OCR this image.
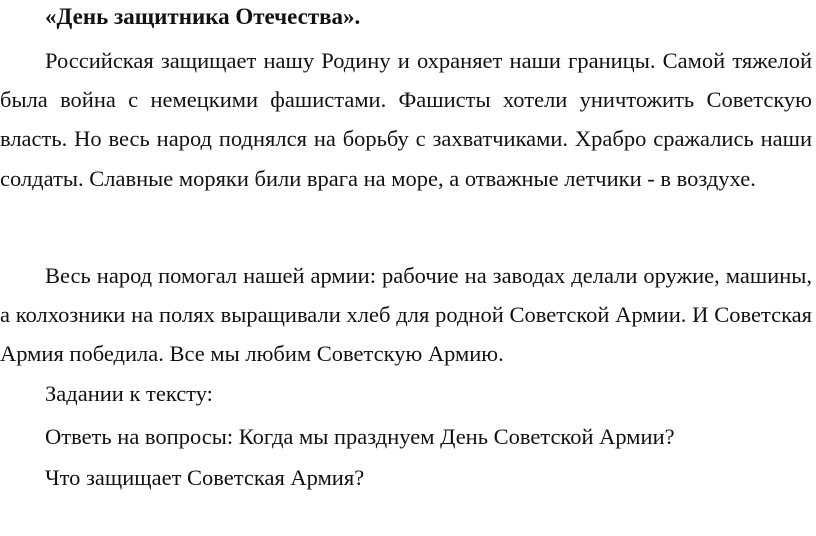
«День защитника Отечества».

Российская защищает нашу Родину и охраняет наши границы. Самой тяжелой была война с немецкими фашистами. Фашисты хотели уничтожить Советскую власть. Но весь народ поднялся на борьбу с захватчиками. Храбро сражались наши солдаты. Славные моряки били врага на море, а отважные летчики - в воздухе.

Весь народ помогал нашей армии: рабочие на заводах делали оружие, машины, а колхозники на полях выращивали хлеб для родной Советской Армии. И Советская Армия победила. Все мы любим Советскую Армию.

Задании к тексту:

Ответь на вопросы: Когда мы празднуем День Советской Армии?

Что защищает Советская Армия?
